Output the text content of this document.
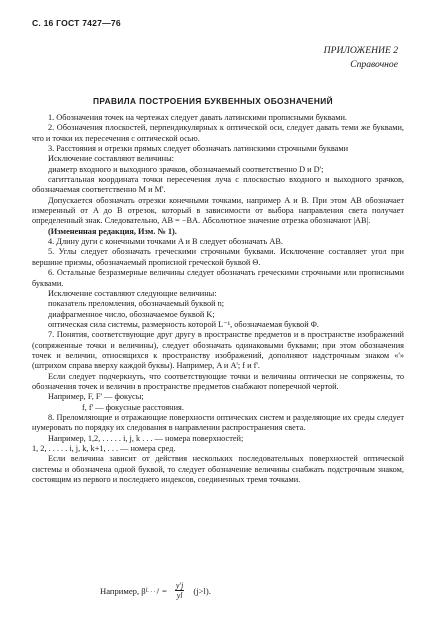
С. 16 ГОСТ 7427—76
ПРИЛОЖЕНИЕ 2
Справочное
ПРАВИЛА ПОСТРОЕНИЯ БУКВЕННЫХ ОБОЗНАЧЕНИЙ

1. Обозначения точек на чертежах следует давать латинскими прописными буквами.

2. Обозначения плоскостей, перпендикулярных к оптической оси, следует давать теми же буквами, что и точки их пересечения с оптической осью.

3. Расстояния и отрезки прямых следует обозначать латинскими строчными буквами

Исключение составляют величины:

диаметр входного и выходного зрачков, обозначаемый соответственно D и D';

сагиттальная координата точки пересечения луча с плоскостью входного и выходного зрачков, обозначаемая соответственно M и M'.

Допускается обозначать отрезки конечными точками, например A и B. При этом AB обозначает измеренный от A до B отрезок, который в зависимости от выбора направления света получает определенный знак. Следовательно, AB = −BA. Абсолютное значение отрезка обозначают |AB|.

(Измененная редакция, Изм. № 1).

4. Длину дуги с конечными точками A и B следует обозначать AB.

5. Углы следует обозначать греческими строчными буквами. Исключение составляет угол при вершине призмы, обозначаемый прописной греческой буквой Θ.

6. Остальные безразмерные величины следует обозначать греческими строчными или прописными буквами.

Исключение составляют следующие величины:

показатель преломления, обозначаемый буквой n;

диафрагменное число, обозначаемое буквой K;

оптическая сила системы, размерность которой L⁻¹, обозначаемая буквой Φ.

7. Понятия, соответствующие друг другу в пространстве предметов и в пространстве изображений (сопряженные точки и величины), следует обозначать одинаковыми буквами; при этом обозначения точек и величин, относящихся к пространству изображений, дополняют надстрочным знаком «'» (штрихом справа вверху каждой буквы). Например, A и A'; f и f'.

Если следует подчеркнуть, что соответствующие точки и величины оптически не сопряжены, то обозначения точек и величин в пространстве предметов снабжают поперечной чертой.

Например, F, F' — фокусы;

f, f' — фокусные расстояния.

8. Преломляющие и отражающие поверхности оптических систем и разделяющие их среды следует нумеровать по порядку их следования в направлении распространения света.

Например, 1,2, . . . . . i, j, k . . . — номера поверхностей;

1, 2, . . . . . i, j, k, k+1, . . . — номера сред.

Если величина зависит от действия нескольких последовательных поверхностей оптической системы и обозначена одной буквой, то следует обозначение величины снабжать подстрочным знаком, состоящим из первого и последнего индексов, соединенных тремя точками.

Например, β l. . . $j = \frac{y'j}{yl} (j>l)$.
